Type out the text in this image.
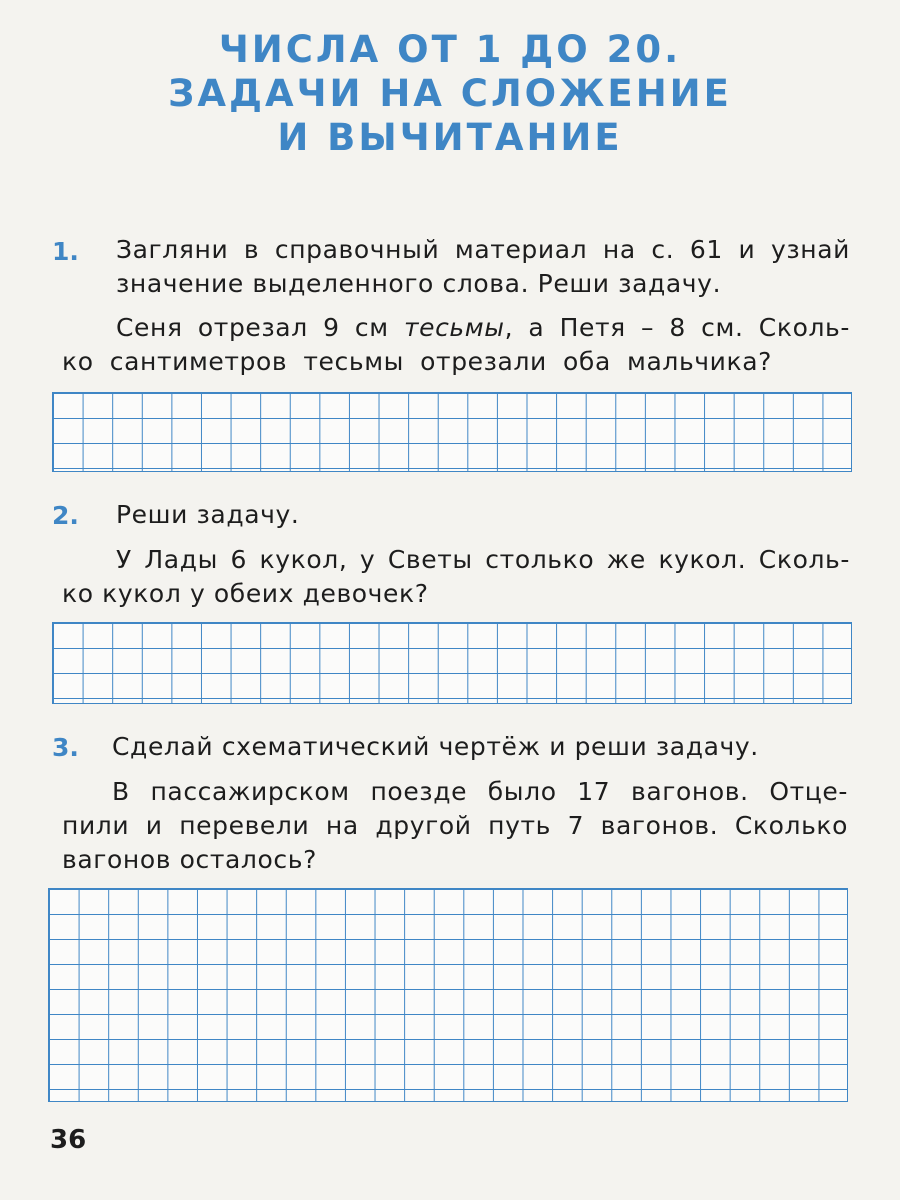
ЧИСЛА ОТ 1 ДО 20.
ЗАДАЧИ НА СЛОЖЕНИЕ
И ВЫЧИТАНИЕ
1. Загляни в справочный материал на с. 61 и узнай
значение выделенного слова. Реши задачу.
Сеня отрезал 9 см тесьмы, а Петя – 8 см. Сколь-
ко сантиметров тесьмы отрезали оба мальчика?
2. Реши задачу.
У Лады 6 кукол, у Светы столько же кукол. Сколь-
ко кукол у обеих девочек?
3. Сделай схематический чертёж и реши задачу.
В пассажирском поезде было 17 вагонов. Отце-
пили и перевели на другой путь 7 вагонов. Сколько
вагонов осталось?
36
